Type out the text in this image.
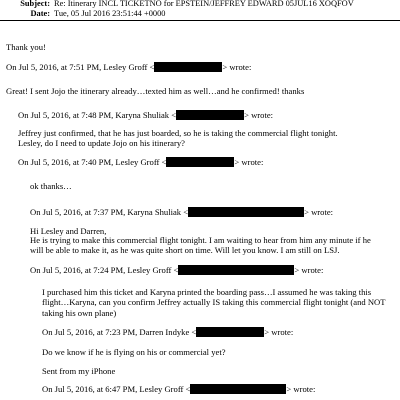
Subject: Re: Itinerary INCL TICKETNO for EPSTEIN/JEFFREY EDWARD 05JUL16 XOQFOV
Date: Tue, 05 Jul 2016 23:51:44 +0000
Thank you!
On Jul 5, 2016, at 7:51 PM, Lesley Groff <	> wrote:
Great! I sent Jojo the itinerary already…texted him as well…and he confirmed! thanks
On Jul 5, 2016, at 7:48 PM, Karyna Shuliak <	> wrote:
Jeffrey just confirmed, that he has just boarded, so he is taking the commercial flight tonight.
Lesley, do I need to update Jojo on his itinerary?
On Jul 5, 2016, at 7:40 PM, Lesley Groff <	> wrote:
ok thanks…
On Jul 5, 2016, at 7:37 PM, Karyna Shuliak <	> wrote:
Hi Lesley and Darren,
He is trying to make this commercial flight tonight. I am waiting to hear from him any minute if he will be able to make it, as he was quite short on time. Will let you know. I am still on LSJ.
On Jul 5, 2016, at 7:24 PM, Lesley Groff <	> wrote:
I purchased him this ticket and Karyna printed the boarding pass…I assumed he was taking this flight…Karyna, can you confirm Jeffrey actually IS taking this commercial flight tonight (and NOT taking his own plane)
On Jul 5, 2016, at 7:23 PM, Darren Indyke <	> wrote:
Do we know if he is flying on his or commercial yet?
Sent from my iPhone
On Jul 5, 2016, at 6:47 PM, Lesley Groff <	> wrote:
